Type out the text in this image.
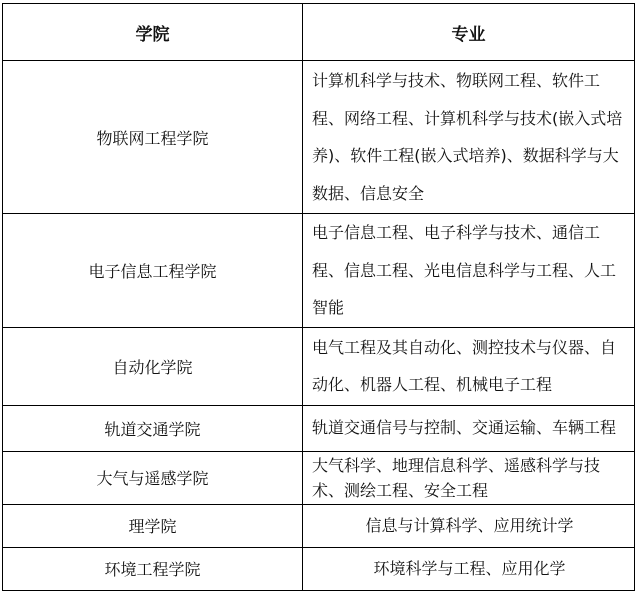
学院	专业
物联网工程学院	计算机科学与技术、物联网工程、软件工程、网络工程、计算机科学与技术(嵌入式培养)、软件工程(嵌入式培养)、数据科学与大数据、信息安全
电子信息工程学院	电子信息工程、电子科学与技术、通信工程、信息工程、光电信息科学与工程、人工智能
自动化学院	电气工程及其自动化、测控技术与仪器、自动化、机器人工程、机械电子工程
轨道交通学院	轨道交通信号与控制、交通运输、车辆工程
大气与遥感学院	大气科学、地理信息科学、遥感科学与技术、测绘工程、安全工程
理学院	信息与计算科学、应用统计学
环境工程学院	环境科学与工程、应用化学
